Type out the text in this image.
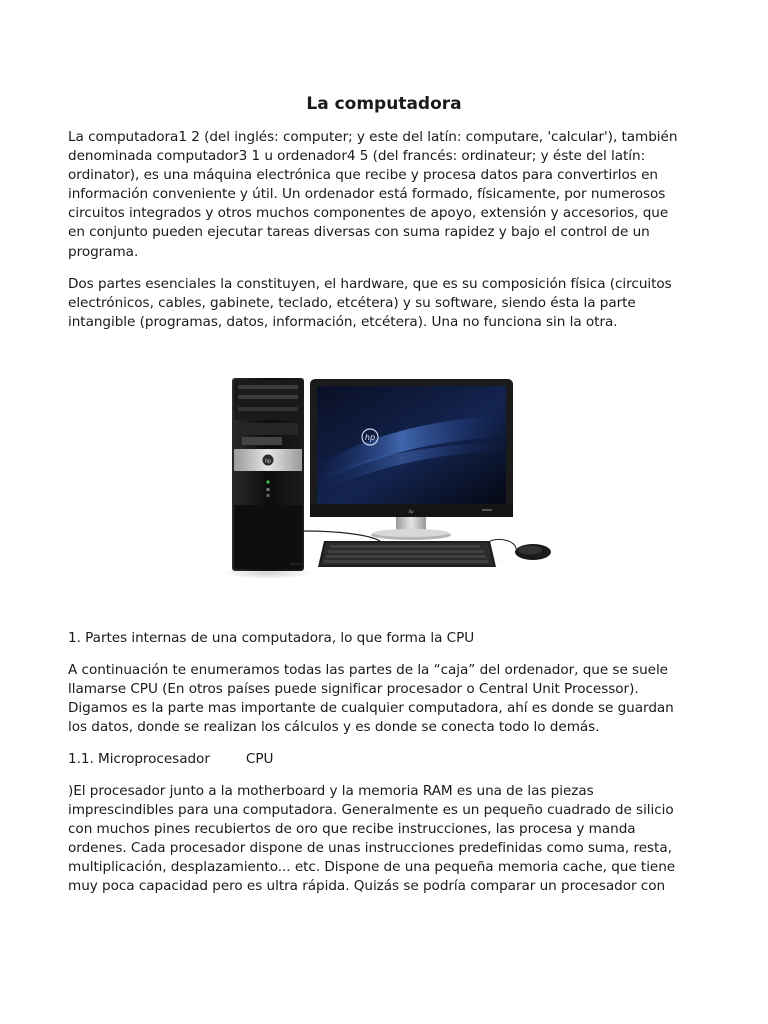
La computadora

La computadora1 2 (del inglés: computer; y este del latín: computare, 'calcular'), también
denominada computador3 1 u ordenador4 5 (del francés: ordinateur; y éste del latín:
ordinator), es una máquina electrónica que recibe y procesa datos para convertirlos en
información conveniente y útil. Un ordenador está formado, físicamente, por numerosos
circuitos integrados y otros muchos componentes de apoyo, extensión y accesorios, que
en conjunto pueden ejecutar tareas diversas con suma rapidez y bajo el control de un
programa.

Dos partes esenciales la constituyen, el hardware, que es su composición física (circuitos
electrónicos, cables, gabinete, teclado, etcétera) y su software, siendo ésta la parte
intangible (programas, datos, información, etcétera). Una no funciona sin la otra.

hp
Pavilion
hp
hp

1. Partes internas de una computadora, lo que forma la CPU

A continuación te enumeramos todas las partes de la “caja” del ordenador, que se suele
llamarse CPU (En otros países puede significar procesador o Central Unit Processor).
Digamos es la parte mas importante de cualquier computadora, ahí es donde se guardan
los datos, donde se realizan los cálculos y es donde se conecta todo lo demás.

1.1. Microprocesador	CPU

)El procesador junto a la motherboard y la memoria RAM es una de las piezas
imprescindibles para una computadora. Generalmente es un pequeño cuadrado de silicio
con muchos pines recubiertos de oro que recibe instrucciones, las procesa y manda
ordenes. Cada procesador dispone de unas instrucciones predefinidas como suma, resta,
multiplicación, desplazamiento... etc. Dispone de una pequeña memoria cache, que tiene
muy poca capacidad pero es ultra rápida. Quizás se podría comparar un procesador con
